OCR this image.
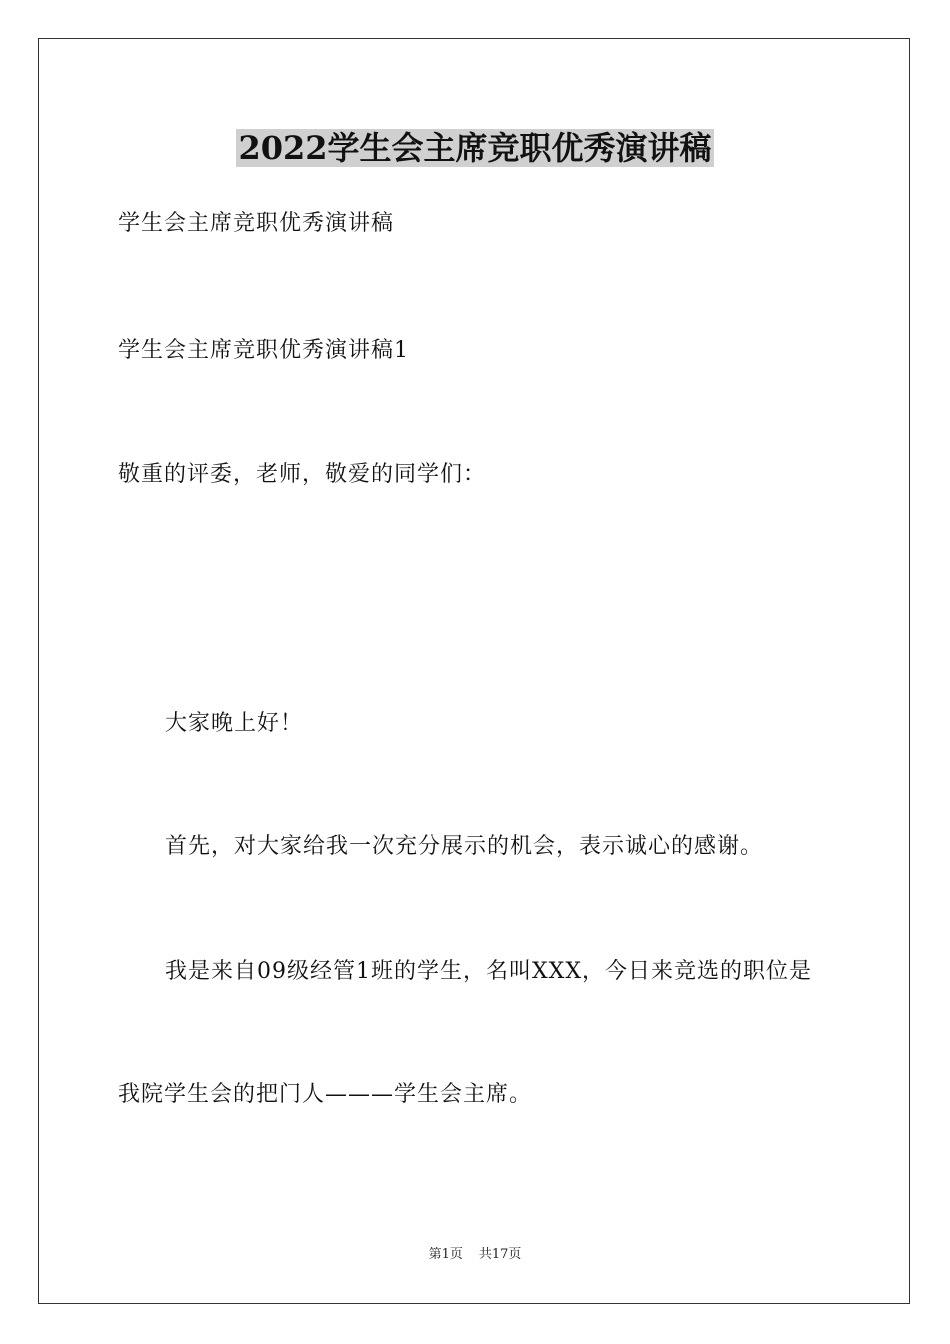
2022学生会主席竞职优秀演讲稿
学生会主席竞职优秀演讲稿
学生会主席竞职优秀演讲稿1
敬重的评委，老师，敬爱的同学们：
大家晚上好！
首先，对大家给我一次充分展示的机会，表示诚心的感谢。
我是来自09级经管1班的学生，名叫XXX，今日来竞选的职位是
我院学生会的把门人———学生会主席。
第1页 共17页
